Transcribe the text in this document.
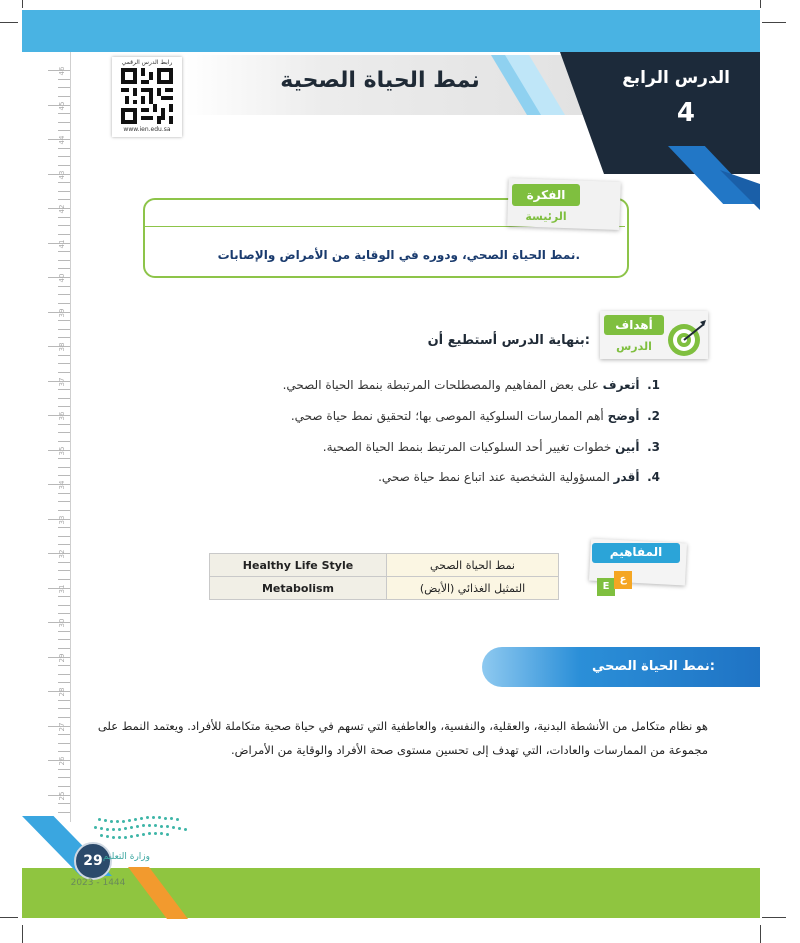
46
45
44
43
42
41
40
39
38
37
36
35
34
33
32
31
30
29
28
27
26
25
نمط الحياة الصحية	الدرس الرابع
4
رابط الدرس الرقمي
www.ien.edu.sa
الفكرة
الرئيسة
نمط الحياة الصحي، ودوره في الوقاية من الأمراض والإصابات.
أهداف
الدرس
بنهاية الدرس أستطيع أن:
1.  أتعرف على بعض المفاهيم والمصطلحات المرتبطة بنمط الحياة الصحي.
2.  أوضح أهم الممارسات السلوكية الموصى بها؛ لتحقيق نمط حياة صحي.
3.  أبين خطوات تغيير أحد السلوكيات المرتبط بنمط الحياة الصحية.
4.  أقدر المسؤولية الشخصية عند اتباع نمط حياة صحي.
Healthy Life Style	نمط الحياة الصحي
Metabolism	التمثيل الغذائي (الأيض)
المفاهيم
E
ع
نمط الحياة الصحي:
هو نظام متكامل من الأنشطة البدنية، والعقلية، والنفسية، والعاطفية التي تسهم في حياة صحية متكاملة للأفراد. ويعتمد النمط على مجموعة من الممارسات والعادات، التي تهدف إلى تحسين مستوى صحة الأفراد والوقاية من الأمراض.
29 وزارة التعليم
2023 - 1444
